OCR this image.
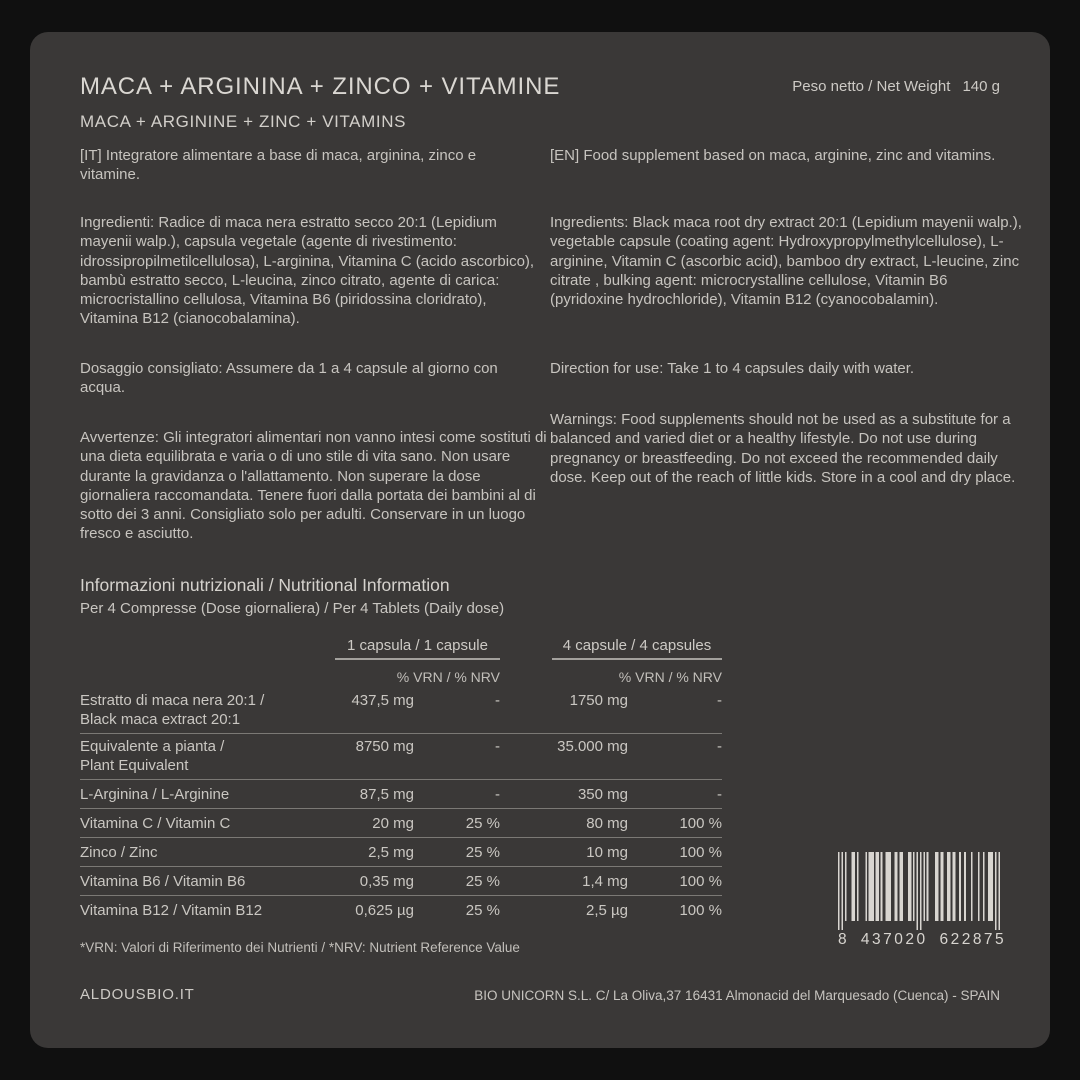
MACA + ARGININA + ZINCO + VITAMINE
MACA + ARGININE + ZINC + VITAMINS
Peso netto / Net Weight 140 g
[IT] Integratore alimentare a base di maca, arginina, zinco e vitamine.
[EN] Food supplement based on maca, arginine, zinc and vitamins.
Ingredienti: Radice di maca nera estratto secco 20:1 (Lepidium mayenii walp.), capsula vegetale (agente di rivestimento: idrossipropilmetilcellulosa), L-arginina, Vitamina C (acido ascorbico), bambù estratto secco, L-leucina, zinco citrato, agente di carica: microcristallino cellulosa, Vitamina B6 (piridossina cloridrato), Vitamina B12 (cianocobalamina).
Ingredients: Black maca root dry extract 20:1 (Lepidium mayenii walp.), vegetable capsule (coating agent: Hydroxypropylmethylcellulose), L-arginine, Vitamin C (ascorbic acid), bamboo dry extract, L-leucine, zinc citrate , bulking agent: microcrystalline cellulose, Vitamin B6 (pyridoxine hydrochloride), Vitamin B12 (cyanocobalamin).
Dosaggio consigliato: Assumere da 1 a 4 capsule al giorno con acqua.
Direction for use: Take 1 to 4 capsules daily with water.
Avvertenze: Gli integratori alimentari non vanno intesi come sostituti di una dieta equilibrata e varia o di uno stile di vita sano. Non usare durante la gravidanza o l'allattamento. Non superare la dose giornaliera raccomandata. Tenere fuori dalla portata dei bambini al di sotto dei 3 anni. Consigliato solo per adulti. Conservare in un luogo fresco e asciutto.
Warnings: Food supplements should not be used as a substitute for a balanced and varied diet or a healthy lifestyle. Do not use during pregnancy or breastfeeding. Do not exceed the recommended daily dose. Keep out of the reach of little kids. Store in a cool and dry place.
Informazioni nutrizionali / Nutritional Information
Per 4 Compresse (Dose giornaliera) / Per 4 Tablets (Daily dose)
1 capsula / 1 capsule	4 capsule / 4 capsules
% VRN / % NRV	% VRN / % NRV
Estratto di maca nera 20:1 /
Black maca extract 20:1
437,5 mg	-	1750 mg	-
Equivalente a pianta /
Plant Equivalent
8750 mg	-	35.000 mg	-
L-Arginina / L-Arginine	87,5 mg	-	350 mg	-
Vitamina C / Vitamin C	20 mg	25 %	80 mg	100 %
Zinco / Zinc	2,5 mg	25 %	10 mg	100 %
Vitamina B6 / Vitamin B6	0,35 mg	25 %	1,4 mg	100 %
Vitamina B12 / Vitamin B12	0,625 µg	25 %	2,5 µg	100 %
*VRN: Valori di Riferimento dei Nutrienti / *NRV: Nutrient Reference Value	8 437020 622875
ALDOUSBIO.IT	BIO UNICORN S.L. C/ La Oliva,37 16431 Almonacid del Marquesado (Cuenca) - SPAIN
